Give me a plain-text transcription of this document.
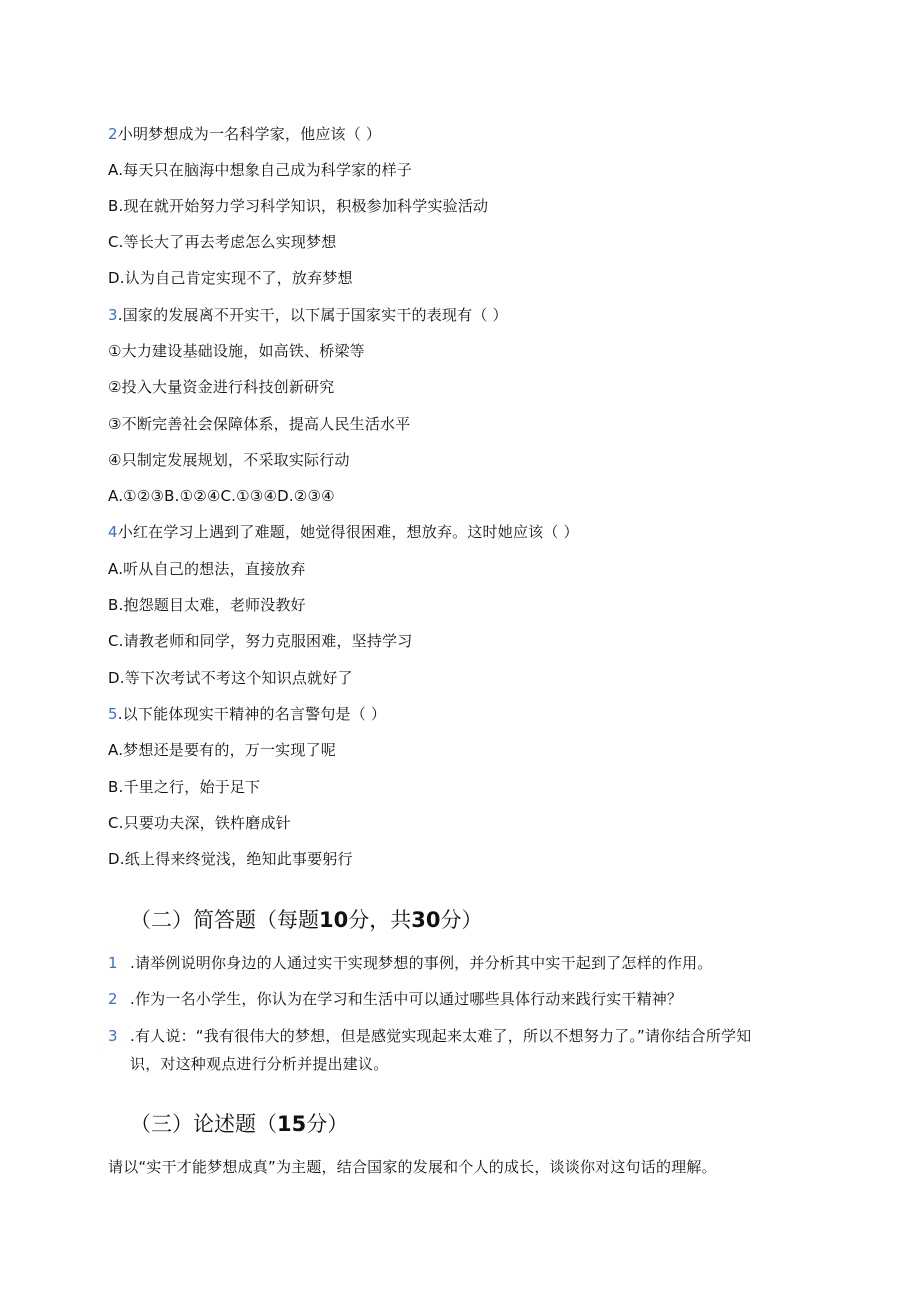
2小明梦想成为一名科学家，他应该（ ）
A.每天只在脑海中想象自己成为科学家的样子
B.现在就开始努力学习科学知识，积极参加科学实验活动
C.等长大了再去考虑怎么实现梦想
D.认为自己肯定实现不了，放弃梦想
3.国家的发展离不开实干，以下属于国家实干的表现有（ ）
①大力建设基础设施，如高铁、桥梁等
②投入大量资金进行科技创新研究
③不断完善社会保障体系，提高人民生活水平
④只制定发展规划，不采取实际行动
A.①②③B.①②④C.①③④D.②③④
4小红在学习上遇到了难题，她觉得很困难，想放弃。这时她应该（ ）
A.听从自己的想法，直接放弃
B.抱怨题目太难，老师没教好
C.请教老师和同学，努力克服困难，坚持学习
D.等下次考试不考这个知识点就好了
5.以下能体现实干精神的名言警句是（ ）
A.梦想还是要有的，万一实现了呢
B.千里之行，始于足下
C.只要功夫深，铁杵磨成针
D.纸上得来终觉浅，绝知此事要躬行
（二）简答题（每题10分，共30分）
1 .请举例说明你身边的人通过实干实现梦想的事例，并分析其中实干起到了怎样的作用。
2 .作为一名小学生，你认为在学习和生活中可以通过哪些具体行动来践行实干精神？
3 .有人说：“我有很伟大的梦想，但是感觉实现起来太难了，所以不想努力了。”请你结合所学知
识，对这种观点进行分析并提出建议。
（三）论述题（15分）
请以“实干才能梦想成真”为主题，结合国家的发展和个人的成长，谈谈你对这句话的理解。
